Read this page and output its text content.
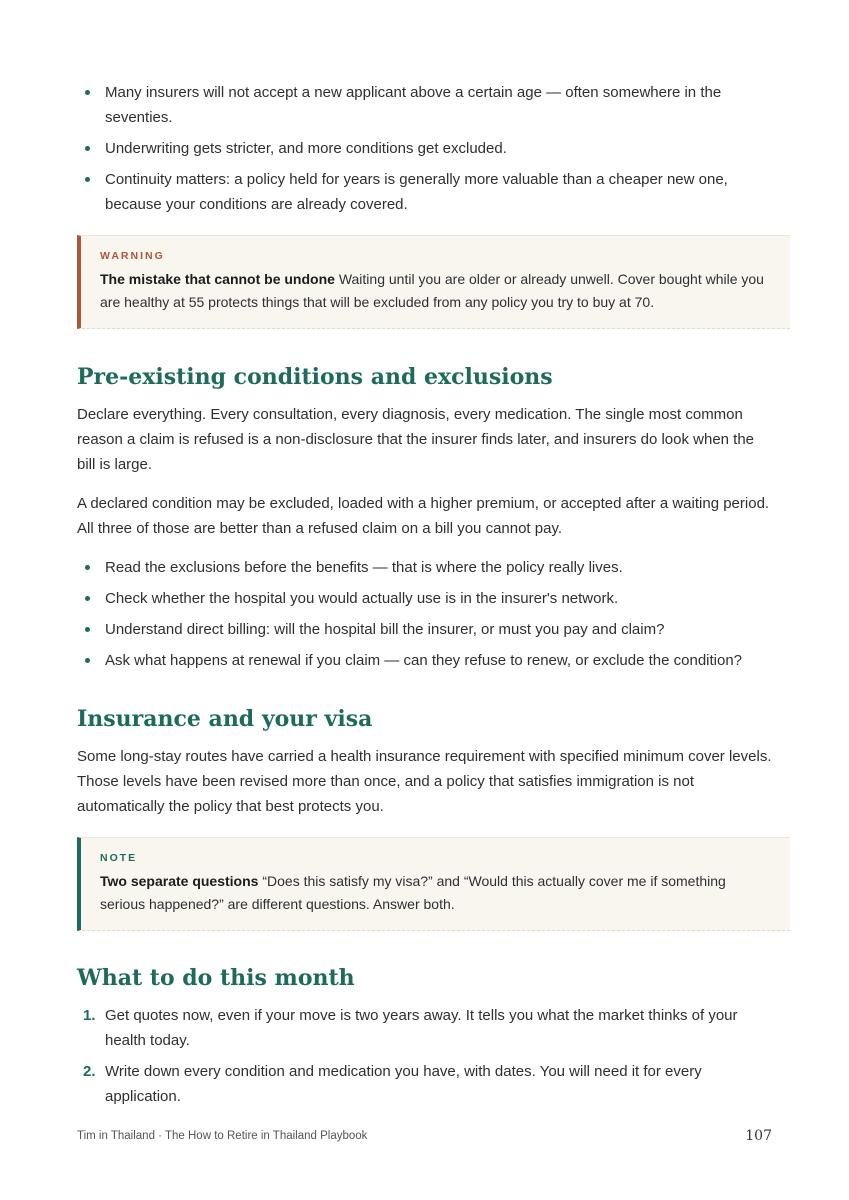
Many insurers will not accept a new applicant above a certain age — often somewhere in the seventies.
Underwriting gets stricter, and more conditions get excluded.
Continuity matters: a policy held for years is generally more valuable than a cheaper new one, because your conditions are already covered.
WARNING
The mistake that cannot be undone Waiting until you are older or already unwell. Cover bought while you are healthy at 55 protects things that will be excluded from any policy you try to buy at 70.
Pre-existing conditions and exclusions

Declare everything. Every consultation, every diagnosis, every medication. The single most common reason a claim is refused is a non-disclosure that the insurer finds later, and insurers do look when the bill is large.

A declared condition may be excluded, loaded with a higher premium, or accepted after a waiting period. All three of those are better than a refused claim on a bill you cannot pay.

Read the exclusions before the benefits — that is where the policy really lives.
Check whether the hospital you would actually use is in the insurer's network.
Understand direct billing: will the hospital bill the insurer, or must you pay and claim?
Ask what happens at renewal if you claim — can they refuse to renew, or exclude the condition?
Insurance and your visa

Some long-stay routes have carried a health insurance requirement with specified minimum cover levels. Those levels have been revised more than once, and a policy that satisfies immigration is not automatically the policy that best protects you.

NOTE
Two separate questions “Does this satisfy my visa?” and “Would this actually cover me if something serious happened?” are different questions. Answer both.
What to do this month
1. Get quotes now, even if your move is two years away. It tells you what the market thinks of your health today.
2. Write down every condition and medication you have, with dates. You will need it for every application.
Tim in Thailand · The How to Retire in Thailand Playbook	107
